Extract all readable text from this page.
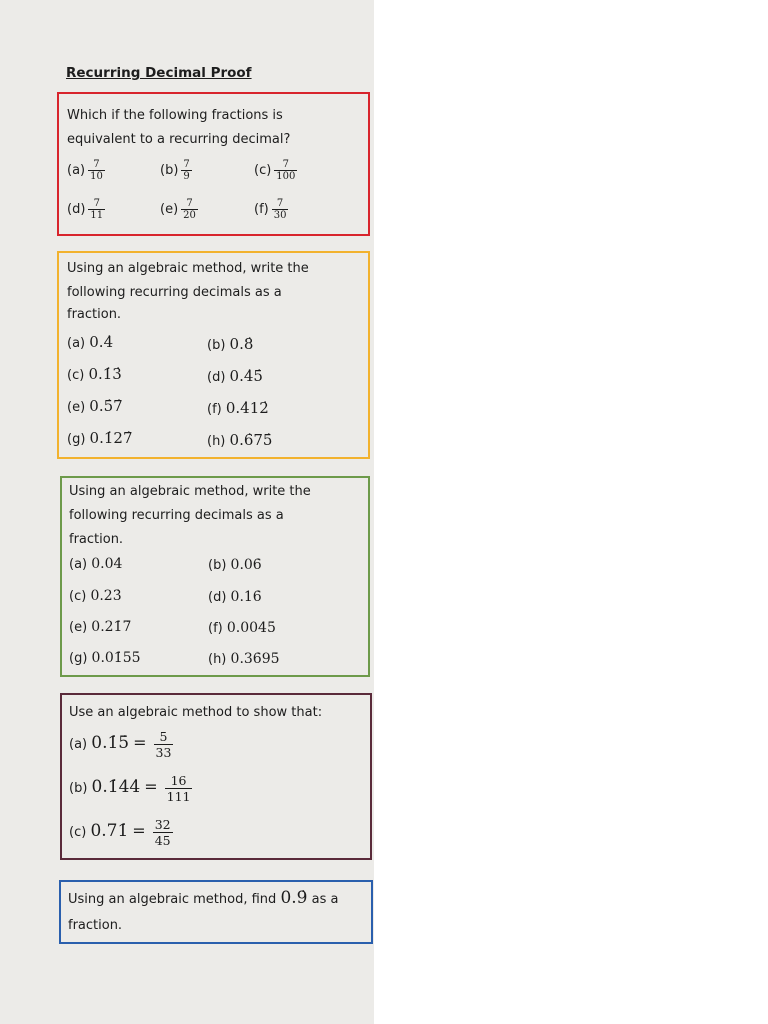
Recurring Decimal Proof

Which if the following fractions is

equivalent to a recurring decimal?

$(a) \frac{7}{10}$	$(b) \frac{7}{9}$	$(c) \frac{7}{100}$
$(d) \frac{7}{11}$	$(e) \frac{7}{20}$	$(f) \frac{7}{30}$

Using an algebraic method, write the

following recurring decimals as a

fraction.

(a) 0.4̇	(b) 0.8̇
(c) 0.1̇3̇	(d) 0.4̇5̇
(e) 0.5̇7̇	(f) 0.4̇12̇
(g) 0.1̇27̇	(h) 0.6̇75̇

Using an algebraic method, write the

following recurring decimals as a

fraction.

(a) 0.04̇	(b) 0.06̇
(c) 0.23̇	(d) 0.16̇
(e) 0.21̇7̇	(f) 0.004̇5̇
(g) 0.01̇55̇	(h) 0.36̇95̇

Use an algebraic method to show that:

(a) 0.1̇5̇ = $\frac{5}{33}$
(b) 0.1̇44̇ = $\frac{16}{111}$
(c) 0.71̇ = $\frac{32}{45}$

Using an algebraic method, find 0.9̇ as a

fraction.
